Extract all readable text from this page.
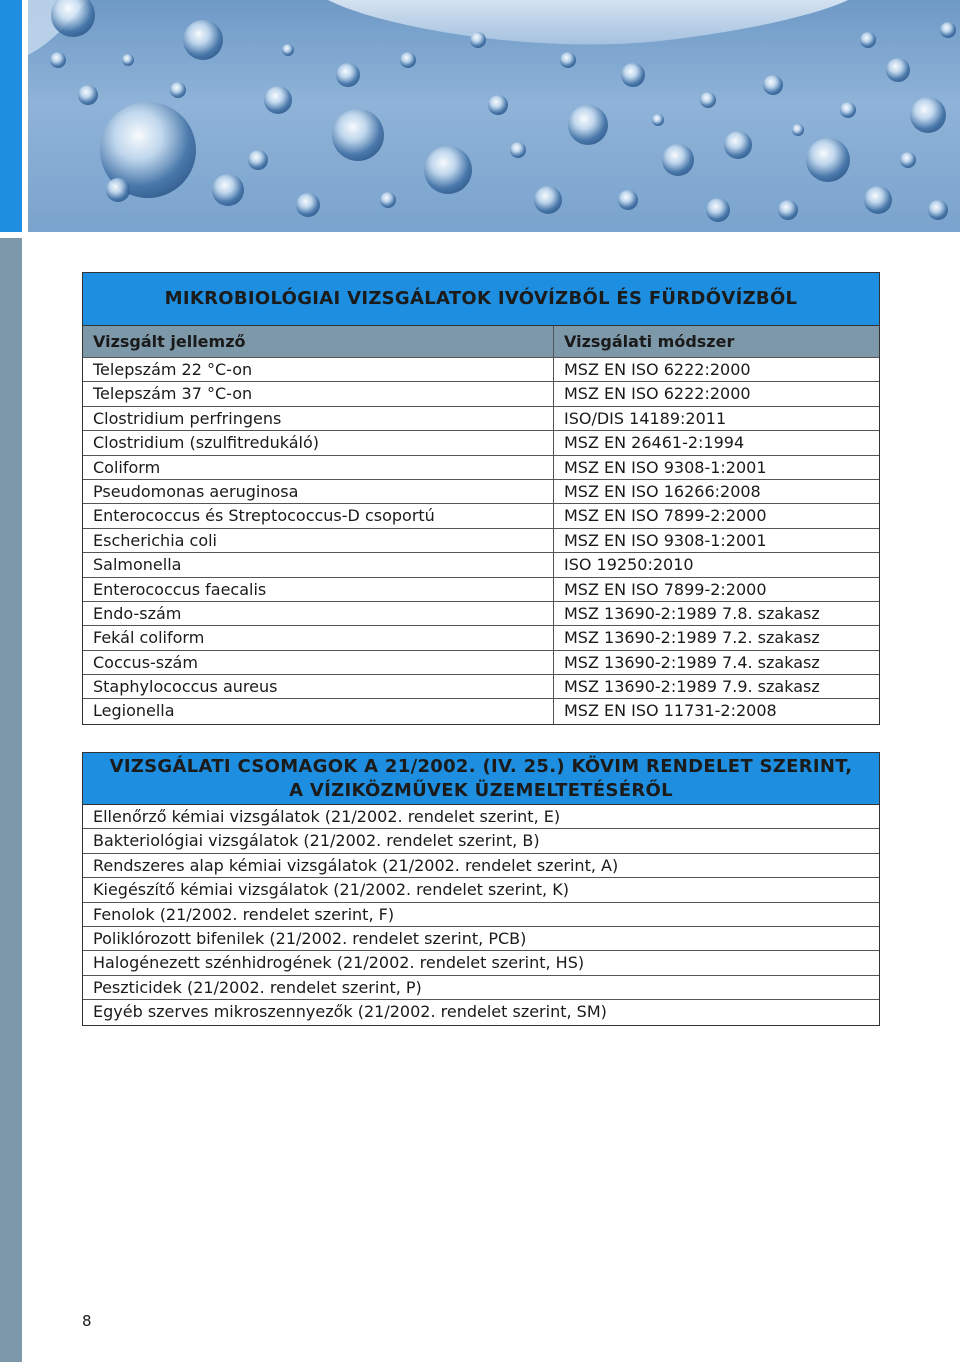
MIKROBIOLÓGIAI VIZSGÁLATOK IVÓVÍZBŐL ÉS FÜRDŐVÍZBŐL
Vizsgált jellemző	Vizsgálati módszer
Telepszám 22 °C-on	MSZ EN ISO 6222:2000
Telepszám 37 °C-on	MSZ EN ISO 6222:2000
Clostridium perfringens	ISO/DIS 14189:2011
Clostridium (szulfitredukáló)	MSZ EN 26461-2:1994
Coliform	MSZ EN ISO 9308-1:2001
Pseudomonas aeruginosa	MSZ EN ISO 16266:2008
Enterococcus és Streptococcus-D csoportú	MSZ EN ISO 7899-2:2000
Escherichia coli	MSZ EN ISO 9308-1:2001
Salmonella	ISO 19250:2010
Enterococcus faecalis	MSZ EN ISO 7899-2:2000
Endo-szám	MSZ 13690-2:1989 7.8. szakasz
Fekál coliform	MSZ 13690-2:1989 7.2. szakasz
Coccus-szám	MSZ 13690-2:1989 7.4. szakasz
Staphylococcus aureus	MSZ 13690-2:1989 7.9. szakasz
Legionella	MSZ EN ISO 11731-2:2008
VIZSGÁLATI CSOMAGOK A 21/2002. (IV. 25.) KÖVIM RENDELET SZERINT,
A VÍZIKÖZMŰVEK ÜZEMELTETÉSÉRŐL
Ellenőrző kémiai vizsgálatok (21/2002. rendelet szerint, E)
Bakteriológiai vizsgálatok (21/2002. rendelet szerint, B)
Rendszeres alap kémiai vizsgálatok (21/2002. rendelet szerint, A)
Kiegészítő kémiai vizsgálatok (21/2002. rendelet szerint, K)
Fenolok (21/2002. rendelet szerint, F)
Poliklórozott bifenilek (21/2002. rendelet szerint, PCB)
Halogénezett szénhidrogének (21/2002. rendelet szerint, HS)
Peszticidek (21/2002. rendelet szerint, P)
Egyéb szerves mikroszennyezők (21/2002. rendelet szerint, SM)
8
